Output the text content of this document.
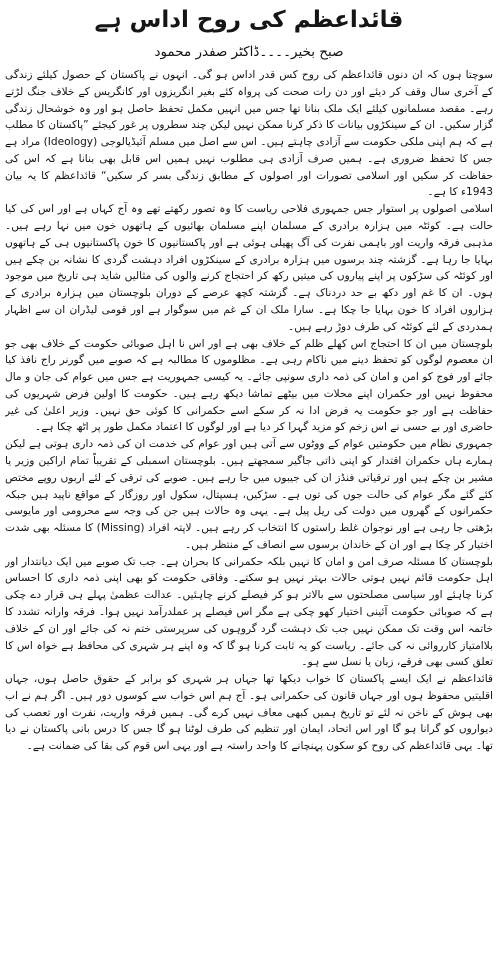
قائداعظم کی روح اداس ہے
صبح بخیر۔۔۔۔ڈاکٹر صفدر محمود

سوچتا ہوں کہ ان دنوں قائداعظم کی روح کس قدر اداس ہو گی۔ انہوں نے پاکستان کے حصول کیلئے زندگی کے آخری سال وقف کر دیئے اور دن رات صحت کی پرواہ کئے بغیر انگریزوں اور کانگریس کے خلاف جنگ لڑتے رہے۔ مقصد مسلمانوں کیلئے ایک ملک بنانا تھا جس میں انہیں مکمل تحفظ حاصل ہو اور وہ خوشحال زندگی گزار سکیں۔ ان کے سینکڑوں بیانات کا ذکر کرنا ممکن نہیں لیکن چند سطروں پر غور کیجئے ”پاکستان کا مطلب ہے کہ ہم اپنی ملکی حکومت سے آزادی چاہتے ہیں۔ اس سے اصل میں مسلم آئیڈیالوجی (Ideology) مراد ہے جس کا تحفظ ضروری ہے۔ ہمیں صرف آزادی ہی مطلوب نہیں ہمیں اس قابل بھی بنانا ہے کہ اس کی حفاظت کر سکیں اور اسلامی تصورات اور اصولوں کے مطابق زندگی بسر کر سکیں“ قائداعظم کا یہ بیان 1943ء کا ہے۔

اسلامی اصولوں پر استوار جس جمہوری فلاحی ریاست کا وہ تصور رکھتے تھے وہ آج کہاں ہے اور اس کی کیا حالت ہے۔ کوئٹہ میں ہزارہ برادری کے مسلمان اپنے مسلمان بھائیوں کے ہاتھوں خون میں نہا رہے ہیں۔ مذہبی فرقہ واریت اور باہمی نفرت کی آگ پھیلی ہوئی ہے اور پاکستانیوں کا خون پاکستانیوں ہی کے ہاتھوں بہایا جا رہا ہے۔ گزشتہ چند برسوں میں ہزارہ برادری کے سینکڑوں افراد دہشت گردی کا نشانہ بن چکے ہیں اور کوئٹہ کی سڑکوں پر اپنے پیاروں کی میتیں رکھ کر احتجاج کرنے والوں کی مثالیں شاید ہی تاریخ میں موجود ہوں۔ ان کا غم اور دکھ بے حد دردناک ہے۔ گزشتہ کچھ عرصے کے دوران بلوچستان میں ہزارہ برادری کے ہزاروں افراد کا خون بہایا جا چکا ہے۔ سارا ملک ان کے غم میں سوگوار ہے اور قومی لیڈران ان سے اظہار ہمدردی کے لئے کوئٹہ کی طرف دوڑ رہے ہیں۔

بلوچستان میں ان کا احتجاج اس کھلے ظلم کے خلاف بھی ہے اور اس نا اہل صوبائی حکومت کے خلاف بھی جو ان معصوم لوگوں کو تحفظ دینے میں ناکام رہی ہے۔ مظلوموں کا مطالبہ ہے کہ صوبے میں گورنر راج نافذ کیا جائے اور فوج کو امن و امان کی ذمہ داری سونپی جائے۔ یہ کیسی جمہوریت ہے جس میں عوام کی جان و مال محفوظ نہیں اور حکمران اپنے محلات میں بیٹھے تماشا دیکھ رہے ہیں۔ حکومت کا اولین فرض شہریوں کی حفاظت ہے اور جو حکومت یہ فرض ادا نہ کر سکے اسے حکمرانی کا کوئی حق نہیں۔ وزیر اعلیٰ کی غیر حاضری اور بے حسی نے اس زخم کو مزید گہرا کر دیا ہے اور لوگوں کا اعتماد مکمل طور پر اٹھ چکا ہے۔

جمہوری نظام میں حکومتیں عوام کے ووٹوں سے آتی ہیں اور عوام کی خدمت ان کی ذمہ داری ہوتی ہے لیکن ہمارے ہاں حکمران اقتدار کو اپنی ذاتی جاگیر سمجھتے ہیں۔ بلوچستان اسمبلی کے تقریباً تمام اراکین وزیر یا مشیر بن چکے ہیں اور ترقیاتی فنڈز ان کی جیبوں میں جا رہے ہیں۔ صوبے کی ترقی کے لئے اربوں روپے مختص کئے گئے مگر عوام کی حالت جوں کی توں ہے۔ سڑکیں، ہسپتال، سکول اور روزگار کے مواقع ناپید ہیں جبکہ حکمرانوں کے گھروں میں دولت کی ریل پیل ہے۔ یہی وہ حالات ہیں جن کی وجہ سے محرومی اور مایوسی بڑھتی جا رہی ہے اور نوجوان غلط راستوں کا انتخاب کر رہے ہیں۔ لاپتہ افراد (Missing) کا مسئلہ بھی شدت اختیار کر چکا ہے اور ان کے خاندان برسوں سے انصاف کے منتظر ہیں۔

بلوچستان کا مسئلہ صرف امن و امان کا نہیں بلکہ حکمرانی کا بحران ہے۔ جب تک صوبے میں ایک دیانتدار اور اہل حکومت قائم نہیں ہوتی حالات بہتر نہیں ہو سکتے۔ وفاقی حکومت کو بھی اپنی ذمہ داری کا احساس کرنا چاہئے اور سیاسی مصلحتوں سے بالاتر ہو کر فیصلے کرنے چاہئیں۔ عدالت عظمیٰ پہلے ہی قرار دے چکی ہے کہ صوبائی حکومت آئینی اختیار کھو چکی ہے مگر اس فیصلے پر عملدرآمد نہیں ہوا۔ فرقہ وارانہ تشدد کا خاتمہ اس وقت تک ممکن نہیں جب تک دہشت گرد گروہوں کی سرپرستی ختم نہ کی جائے اور ان کے خلاف بلاامتیاز کارروائی نہ کی جائے۔ ریاست کو یہ ثابت کرنا ہو گا کہ وہ اپنے ہر شہری کی محافظ ہے خواہ اس کا تعلق کسی بھی فرقے، زبان یا نسل سے ہو۔

قائداعظم نے ایک ایسے پاکستان کا خواب دیکھا تھا جہاں ہر شہری کو برابر کے حقوق حاصل ہوں، جہاں اقلیتیں محفوظ ہوں اور جہاں قانون کی حکمرانی ہو۔ آج ہم اس خواب سے کوسوں دور ہیں۔ اگر ہم نے اب بھی ہوش کے ناخن نہ لئے تو تاریخ ہمیں کبھی معاف نہیں کرے گی۔ ہمیں فرقہ واریت، نفرت اور تعصب کی دیواروں کو گرانا ہو گا اور اس اتحاد، ایمان اور تنظیم کی طرف لوٹنا ہو گا جس کا درس بانی پاکستان نے دیا تھا۔ یہی قائداعظم کی روح کو سکون پہنچانے کا واحد راستہ ہے اور یہی اس قوم کی بقا کی ضمانت ہے۔
